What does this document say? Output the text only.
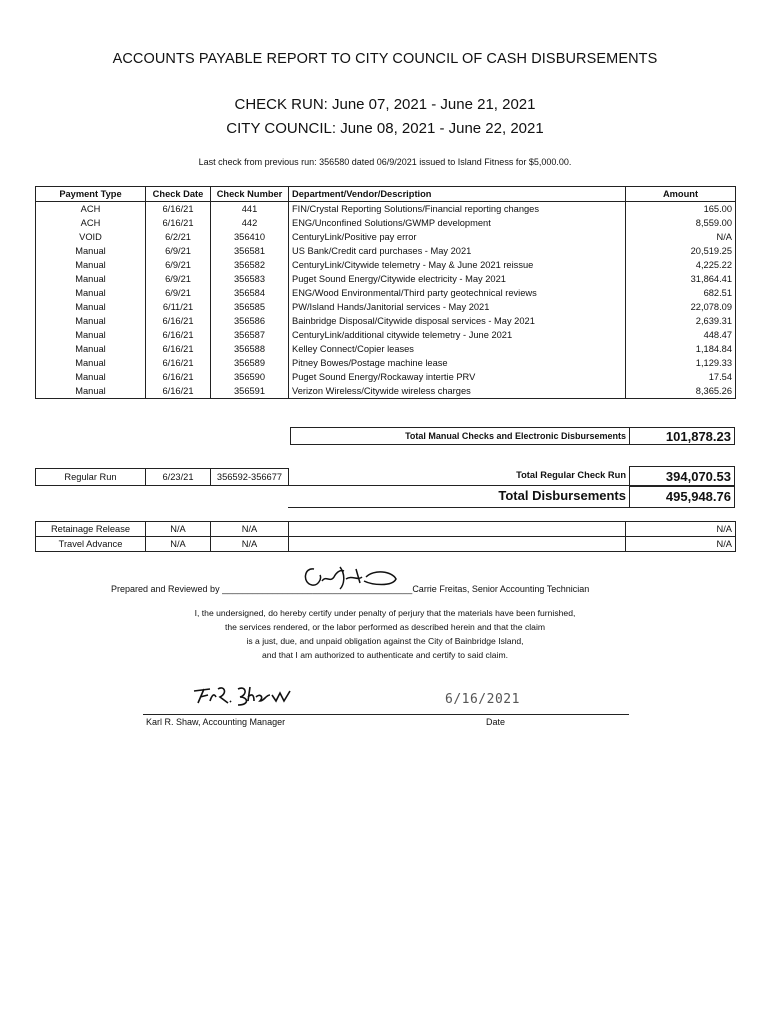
ACCOUNTS PAYABLE REPORT TO CITY COUNCIL OF CASH DISBURSEMENTS
CHECK RUN: June 07, 2021 - June 21, 2021
CITY COUNCIL: June 08, 2021 - June 22, 2021
Last check from previous run: 356580 dated 06/9/2021 issued to Island Fitness for $5,000.00.
Payment Type	Check Date	Check Number	Department/Vendor/Description	Amount
ACH	6/16/21	441	FIN/Crystal Reporting Solutions/Financial reporting changes	165.00
ACH	6/16/21	442	ENG/Unconfined Solutions/GWMP development	8,559.00
VOID	6/2/21	356410	CenturyLink/Positive pay error	N/A
Manual	6/9/21	356581	US Bank/Credit card purchases - May 2021	20,519.25
Manual	6/9/21	356582	CenturyLink/Citywide telemetry - May & June 2021 reissue	4,225.22
Manual	6/9/21	356583	Puget Sound Energy/Citywide electricity - May 2021	31,864.41
Manual	6/9/21	356584	ENG/Wood Environmental/Third party geotechnical reviews	682.51
Manual	6/11/21	356585	PW/Island Hands/Janitorial services - May 2021	22,078.09
Manual	6/16/21	356586	Bainbridge Disposal/Citywide disposal services - May 2021	2,639.31
Manual	6/16/21	356587	CenturyLink/additional citywide telemetry - June 2021	448.47
Manual	6/16/21	356588	Kelley Connect/Copier leases	1,184.84
Manual	6/16/21	356589	Pitney Bowes/Postage machine lease	1,129.33
Manual	6/16/21	356590	Puget Sound Energy/Rockaway intertie PRV	17.54
Manual	6/16/21	356591	Verizon Wireless/Citywide wireless charges	8,365.26
Total Manual Checks and Electronic Disbursements	101,878.23
Regular Run	6/23/21	356592-356677	Total Regular Check Run	394,070.53
Total Disbursements	495,948.76
Retainage Release	N/A	N/A		N/A
Travel Advance	N/A	N/A		N/A
Prepared and Reviewed by ______________________________________Carrie Freitas, Senior Accounting Technician
I, the undersigned, do hereby certify under penalty of perjury that the materials have been furnished,
the services rendered, or the labor performed as described herein and that the claim
is a just, due, and unpaid obligation against the City of Bainbridge Island,
and that I am authorized to authenticate and certify to said claim.
6/16/2021
Karl R. Shaw, Accounting Manager	Date
